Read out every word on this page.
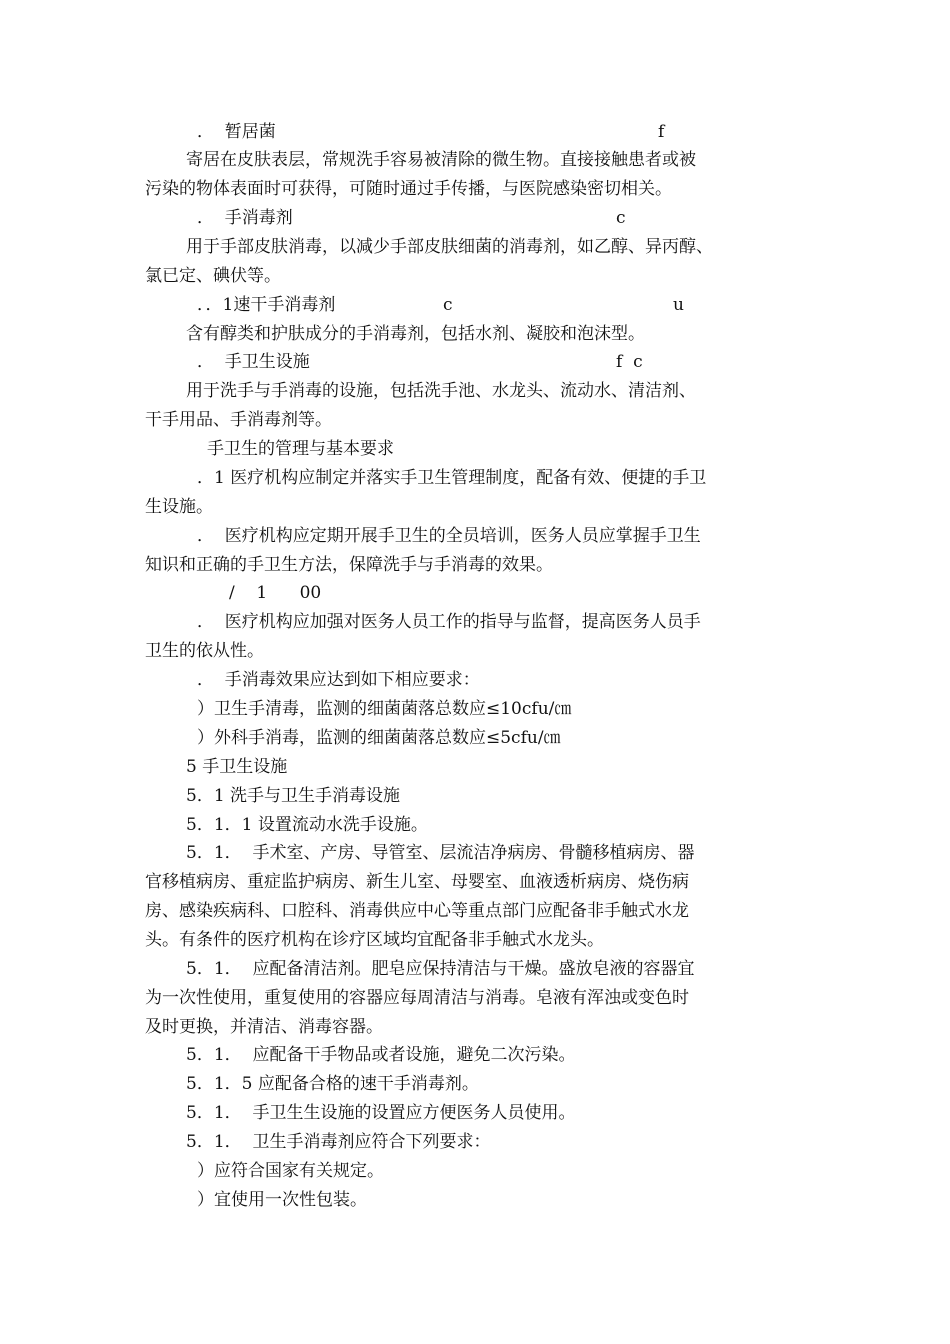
．  暂居菌	f
寄居在皮肤表层，常规洗手容易被清除的微生物。直接接触患者或被
污染的物体表面时可获得，可随时通过手传播，与医院感染密切相关。
．  手消毒剂	c
用于手部皮肤消毒，以减少手部皮肤细菌的消毒剂，如乙醇、异丙醇、
氯已定、碘伏等。
．．1速干手消毒剂	c	u
含有醇类和护肤成分的手消毒剂，包括水剂、凝胶和泡沫型。
．  手卫生设施	f  c
用于洗手与手消毒的设施，包括洗手池、水龙头、流动水、清洁剂、
干手用品、手消毒剂等。
手卫生的管理与基本要求
．1 医疗机构应制定并落实手卫生管理制度，配备有效、便捷的手卫
生设施。
．  医疗机构应定期开展手卫生的全员培训，医务人员应掌握手卫生
知识和正确的手卫生方法，保障洗手与手消毒的效果。
/    1      00
．  医疗机构应加强对医务人员工作的指导与监督，提高医务人员手
卫生的依从性。
．  手消毒效果应达到如下相应要求：
）卫生手清毒，监测的细菌菌落总数应≤10cfu/㎝
）外科手消毒，监测的细菌菌落总数应≤5cfu/㎝
5 手卫生设施
5．1 洗手与卫生手消毒设施
5．1．1 设置流动水洗手设施。
5．1．  手术室、产房、导管室、层流洁净病房、骨髓移植病房、器
官移植病房、重症监护病房、新生儿室、母婴室、血液透析病房、烧伤病
房、感染疾病科、口腔科、消毒供应中心等重点部门应配备非手触式水龙
头。有条件的医疗机构在诊疗区域均宜配备非手触式水龙头。
5．1．  应配备清洁剂。肥皂应保持清洁与干燥。盛放皂液的容器宜
为一次性使用，重复使用的容器应每周清洁与消毒。皂液有浑浊或变色时
及时更换，并清洁、消毒容器。
5．1．  应配备干手物品或者设施，避免二次污染。
5．1．5 应配备合格的速干手消毒剂。
5．1．  手卫生生设施的设置应方便医务人员使用。
5．1．  卫生手消毒剂应符合下列要求：
）应符合国家有关规定。
）宜使用一次性包装。
